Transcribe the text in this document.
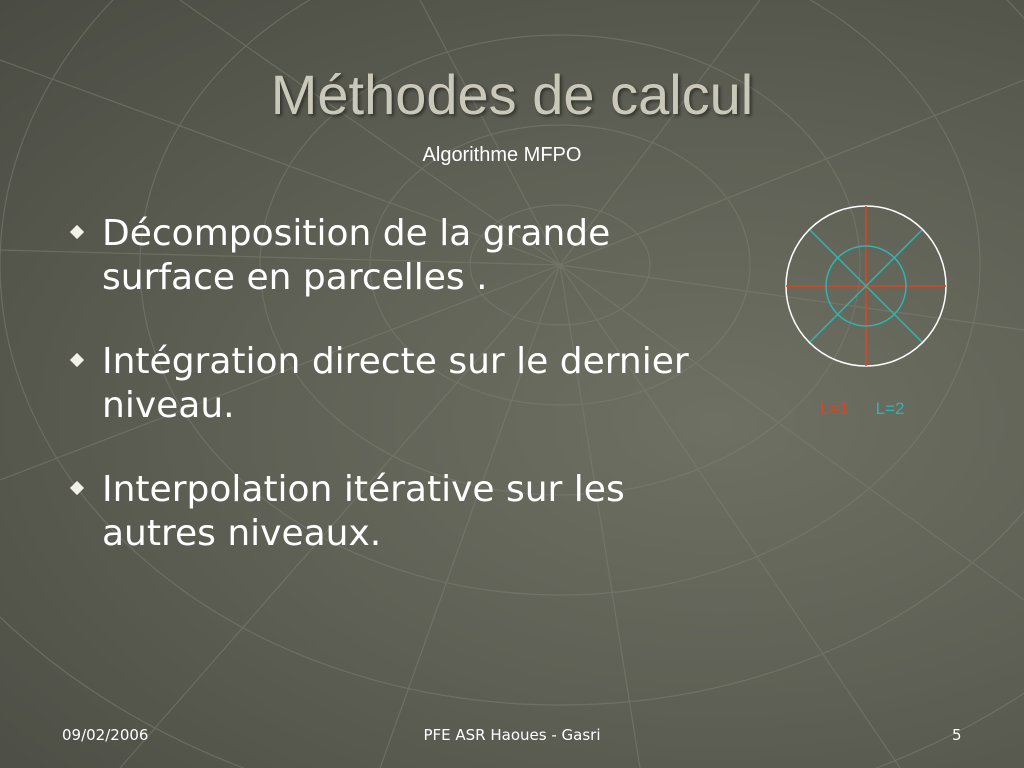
Méthodes de calcul
Algorithme MFPO
Décomposition de la grande surface en parcelles .
Intégration directe sur le dernier niveau.
Interpolation itérative sur les autres niveaux.
L=1 L=2
09/02/2006	PFE ASR Haoues - Gasri	5
